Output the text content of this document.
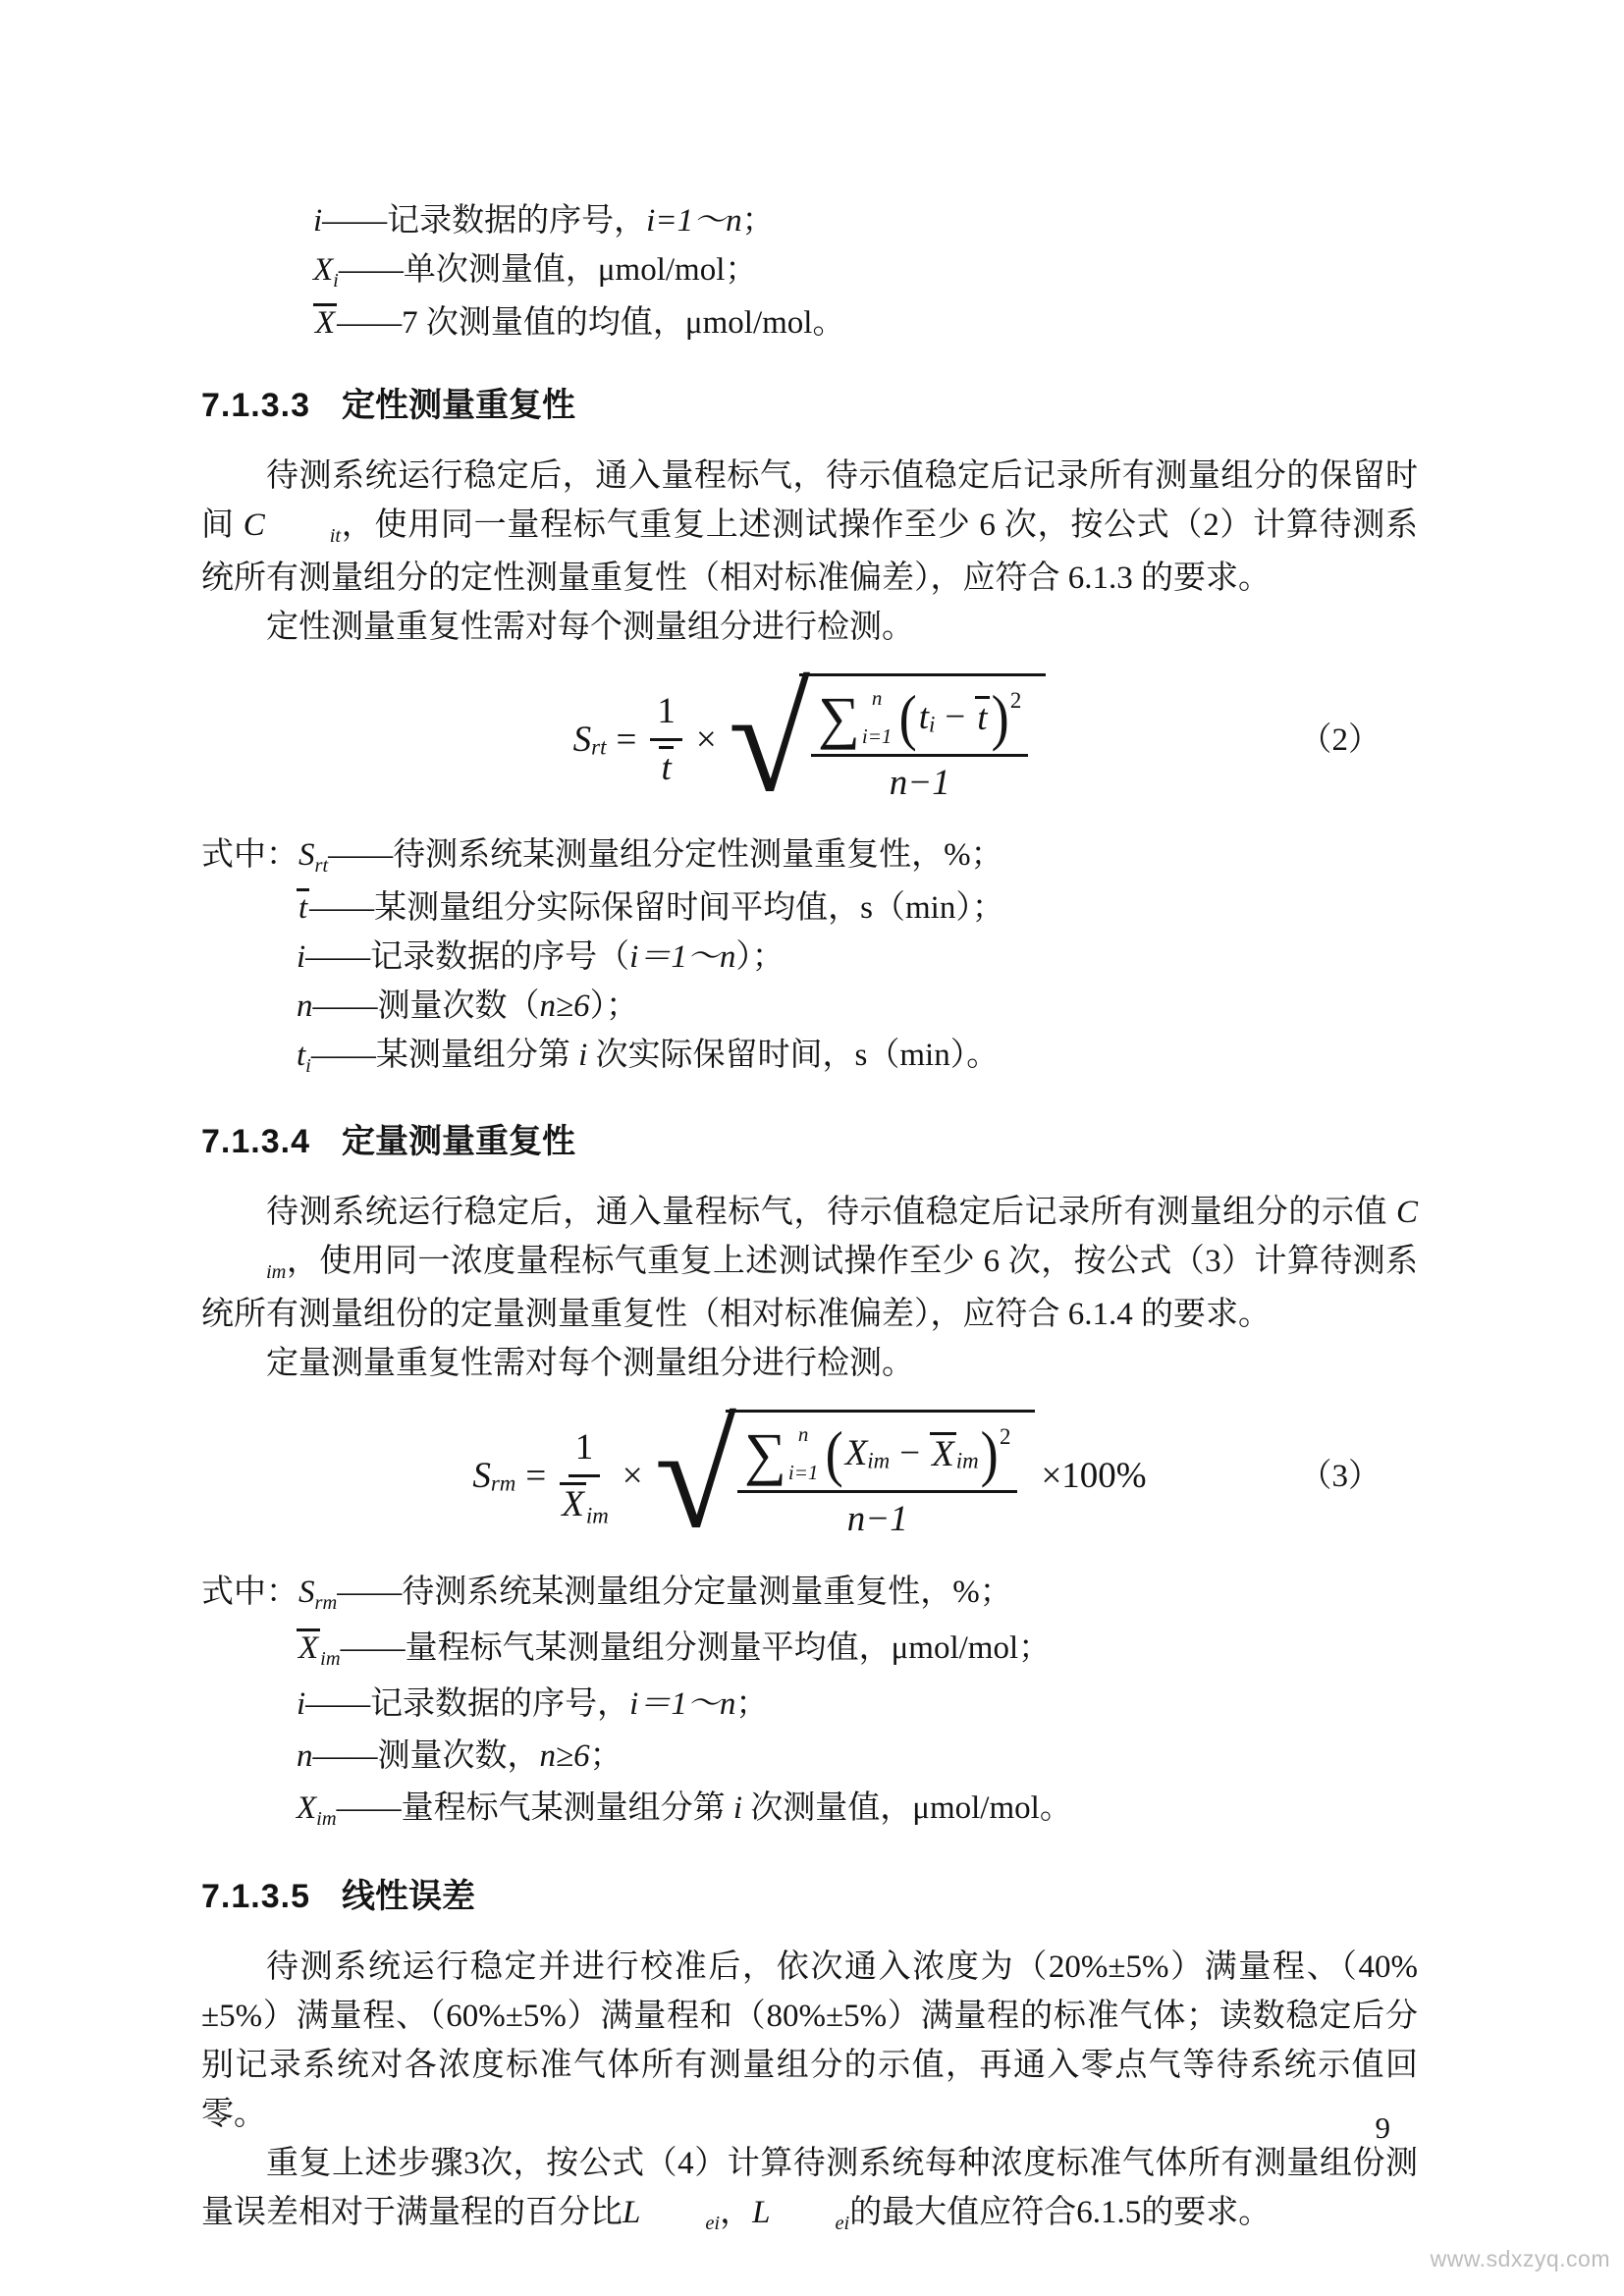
i——记录数据的序号，i=1～n；
Xi——单次测量值，μmol/mol；
X——7 次测量值的均值，μmol/mol。
7.1.3.3 定性测量重复性

待测系统运行稳定后，通入量程标气，待示值稳定后记录所有测量组分的保留时间 C	it，使用同一量程标气重复上述测试操作至少 6 次，按公式（2）计算待测系统所有测量组分的定性测量重复性（相对标准偏差），应符合 6.1.3 的要求。

定性测量重复性需对每个测量组分进行检测。

S rt = $\frac{1}{t}$ × √ ∑ n
i=1 ( t i − t ) 2
n−1
（2）
式中： Srt——待测系统某测量组分定性测量重复性，%；
t——某测量组分实际保留时间平均值，s（min）；
i——记录数据的序号（i＝1～n）；
n——测量次数（n≥6）；
ti——某测量组分第 i 次实际保留时间，s（min）。
7.1.3.4 定量测量重复性

待测系统运行稳定后，通入量程标气，待示值稳定后记录所有测量组分的示值 Cim，使用同一浓度量程标气重复上述测试操作至少 6 次，按公式（3）计算待测系统所有测量组份的定量测量重复性（相对标准偏差），应符合 6.1.4 的要求。

定量测量重复性需对每个测量组分进行检测。

S rm = $\frac{1}{\text{Xim}}$ × √ ∑ n
i=1 ( X im − X im ) 2
n−1
×100%	（3）
式中： Srm——待测系统某测量组分定量测量重复性，%；
Xim——量程标气某测量组分测量平均值，μmol/mol；
i——记录数据的序号，i＝1～n；
n——测量次数，n≥6；
Xim——量程标气某测量组分第 i 次测量值，μmol/mol。
7.1.3.5 线性误差

待测系统运行稳定并进行校准后，依次通入浓度为（20%±5%）满量程、（40%±5%）满量程、（60%±5%）满量程和（80%±5%）满量程的标准气体；读数稳定后分别记录系统对各浓度标准气体所有测量组分的示值，再通入零点气等待系统示值回零。

重复上述步骤3次，按公式（4）计算待测系统每种浓度标准气体所有测量组份测量误差相对于满量程的百分比L	ei，L	ei的最大值应符合6.1.5的要求。

9
www.sdxzyq.com
